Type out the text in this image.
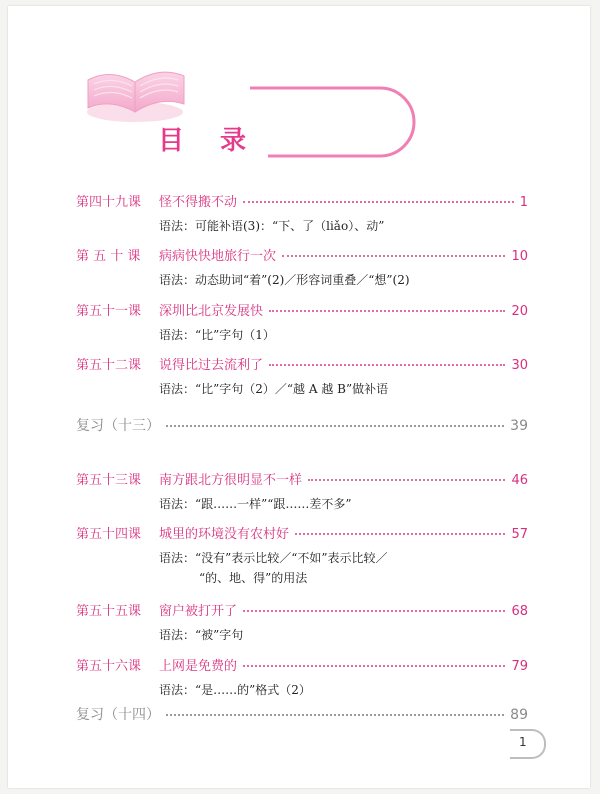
目 录
第四十九课	怪不得搬不动	1
语法：可能补语(3)：“下、了（liǎo）、动”
第 五 十 课	病病快快地旅行一次	10
语法：动态助词“着”(2)／形容词重叠／“想”(2)
第五十一课	深圳比北京发展快	20
语法：“比”字句（1）
第五十二课	说得比过去流利了	30
语法：“比”字句（2）／“越 A 越 B”做补语
复习（十三）	39
第五十三课	南方跟北方很明显不一样	46
语法：“跟……一样”“跟……差不多”
第五十四课	城里的环境没有农村好	57
语法：“没有”表示比较／“不如”表示比较／
“的、地、得”的用法
第五十五课	窗户被打开了	68
语法：“被”字句
第五十六课	上网是免费的	79
语法：“是……的”格式（2）
复习（十四）	89
1
